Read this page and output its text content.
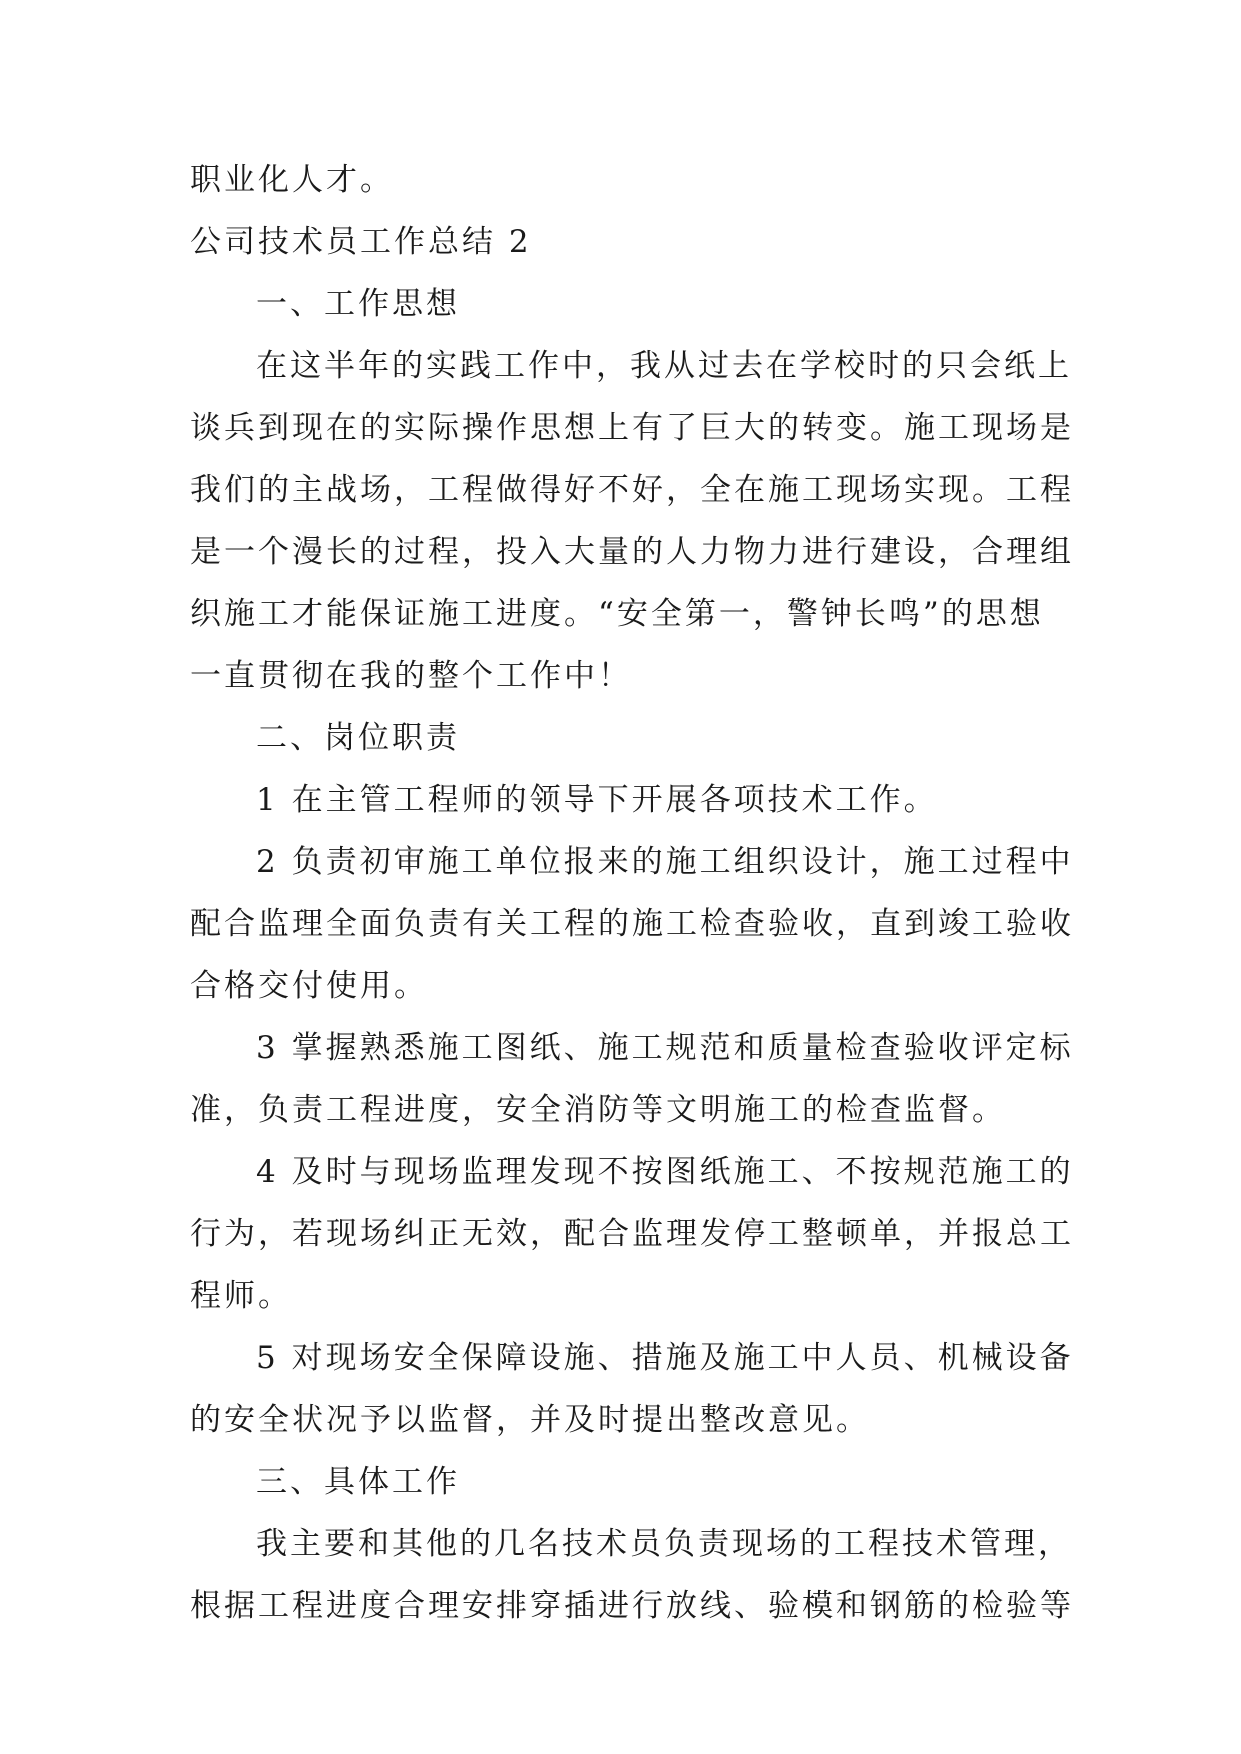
职业化人才。
公司技术员工作总结 2
一、工作思想
在这半年的实践工作中，我从过去在学校时的只会纸上
谈兵到现在的实际操作思想上有了巨大的转变。施工现场是
我们的主战场，工程做得好不好，全在施工现场实现。工程
是一个漫长的过程，投入大量的人力物力进行建设，合理组
织施工才能保证施工进度。“安全第一，警钟长鸣”的思想
一直贯彻在我的整个工作中！
二、岗位职责
1 在主管工程师的领导下开展各项技术工作。
2 负责初审施工单位报来的施工组织设计，施工过程中
配合监理全面负责有关工程的施工检查验收，直到竣工验收
合格交付使用。
3 掌握熟悉施工图纸、施工规范和质量检查验收评定标
准，负责工程进度，安全消防等文明施工的检查监督。
4 及时与现场监理发现不按图纸施工、不按规范施工的
行为，若现场纠正无效，配合监理发停工整顿单，并报总工
程师。
5 对现场安全保障设施、措施及施工中人员、机械设备
的安全状况予以监督，并及时提出整改意见。
三、具体工作
我主要和其他的几名技术员负责现场的工程技术管理，
根据工程进度合理安排穿插进行放线、验模和钢筋的检验等
